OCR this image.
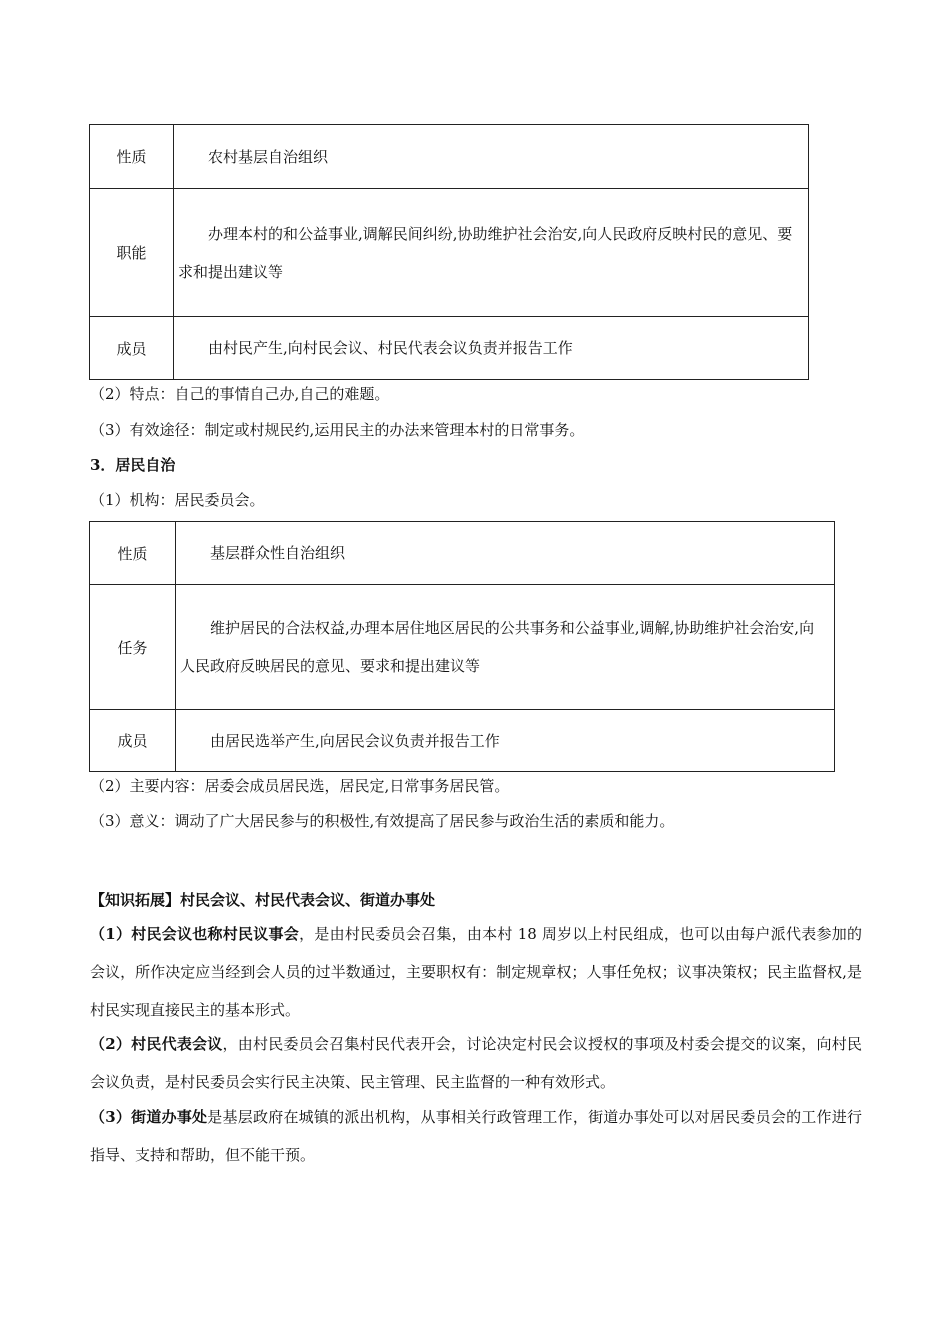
性质	农村基层自治组织
职能	办理本村的和公益事业,调解民间纠纷,协助维护社会治安,向人民政府反映村民的意见、要求和提出建议等
成员	由村民产生,向村民会议、村民代表会议负责并报告工作
（2）特点：自己的事情自己办,自己的难题。
（3）有效途径：制定或村规民约,运用民主的办法来管理本村的日常事务。
3．居民自治
（1）机构：居民委员会。
性质	基层群众性自治组织
任务	维护居民的合法权益,办理本居住地区居民的公共事务和公益事业,调解,协助维护社会治安,向人民政府反映居民的意见、要求和提出建议等
成员	由居民选举产生,向居民会议负责并报告工作
（2）主要内容：居委会成员居民选，居民定,日常事务居民管。
（3）意义：调动了广大居民参与的积极性,有效提高了居民参与政治生活的素质和能力。
【知识拓展】村民会议、村民代表会议、街道办事处
（1）村民会议也称村民议事会，是由村民委员会召集，由本村 18 周岁以上村民组成，也可以由每户派代表参加的会议，所作决定应当经到会人员的过半数通过，主要职权有：制定规章权；人事任免权；议事决策权；民主监督权,是村民实现直接民主的基本形式。
（2）村民代表会议，由村民委员会召集村民代表开会，讨论决定村民会议授权的事项及村委会提交的议案，向村民会议负责，是村民委员会实行民主决策、民主管理、民主监督的一种有效形式。
（3）街道办事处是基层政府在城镇的派出机构，从事相关行政管理工作，街道办事处可以对居民委员会的工作进行指导、支持和帮助，但不能干预。
